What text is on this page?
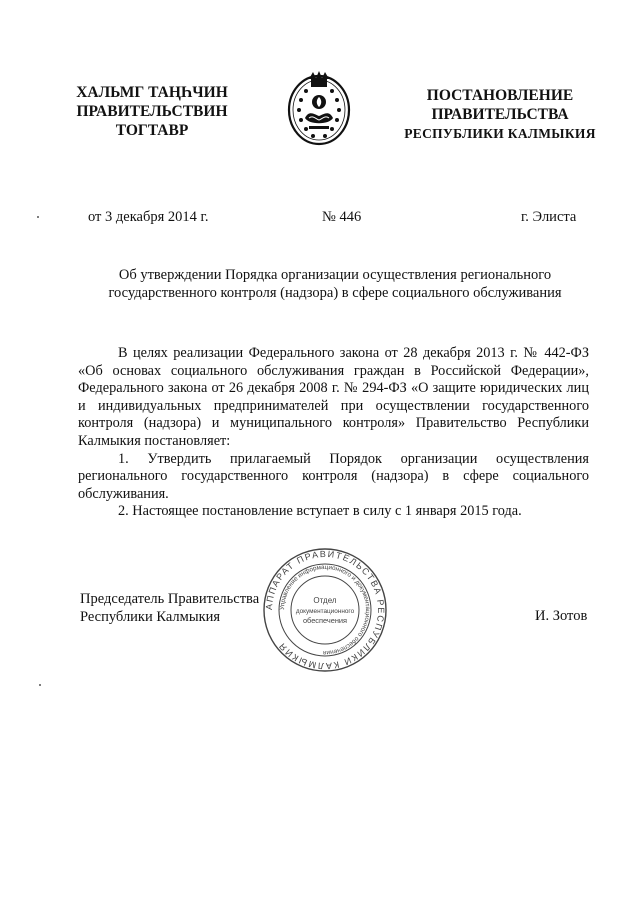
ХАЛЬМГ ТАҢҺЧИН
ПРАВИТЕЛЬСТВИН
ТОГТАВР
ПОСТАНОВЛЕНИЕ
ПРАВИТЕЛЬСТВА
РЕСПУБЛИКИ КАЛМЫКИЯ
от 3 декабря 2014 г.	№ 446	г. Элиста
Об утверждении Порядка организации осуществления регионального
государственного контроля (надзора) в сфере социального обслуживания

В целях реализации Федерального закона от 28 декабря 2013 г. № 442-ФЗ «Об основах социального обслуживания граждан в Российской Федерации», Федерального закона от 26 декабря 2008 г. № 294-ФЗ «О защите юридических лиц и индивидуальных предпринимателей при осуществлении государственного контроля (надзора) и муниципального контроля» Правительство Республики Калмыкия постановляет:

1. Утвердить прилагаемый Порядок организации осуществления регионального государственного контроля (надзора) в сфере социального обслуживания.

2. Настоящее постановление вступает в силу с 1 января 2015 года.

Председатель Правительства
Республики Калмыкия	И. Зотов
АППАРАТ ПРАВИТЕЛЬСТВА РЕСПУБЛИКИ КАЛМЫКИЯ
Управление информационного и документационного обеспечения
Отдел
документационного
обеспечения
